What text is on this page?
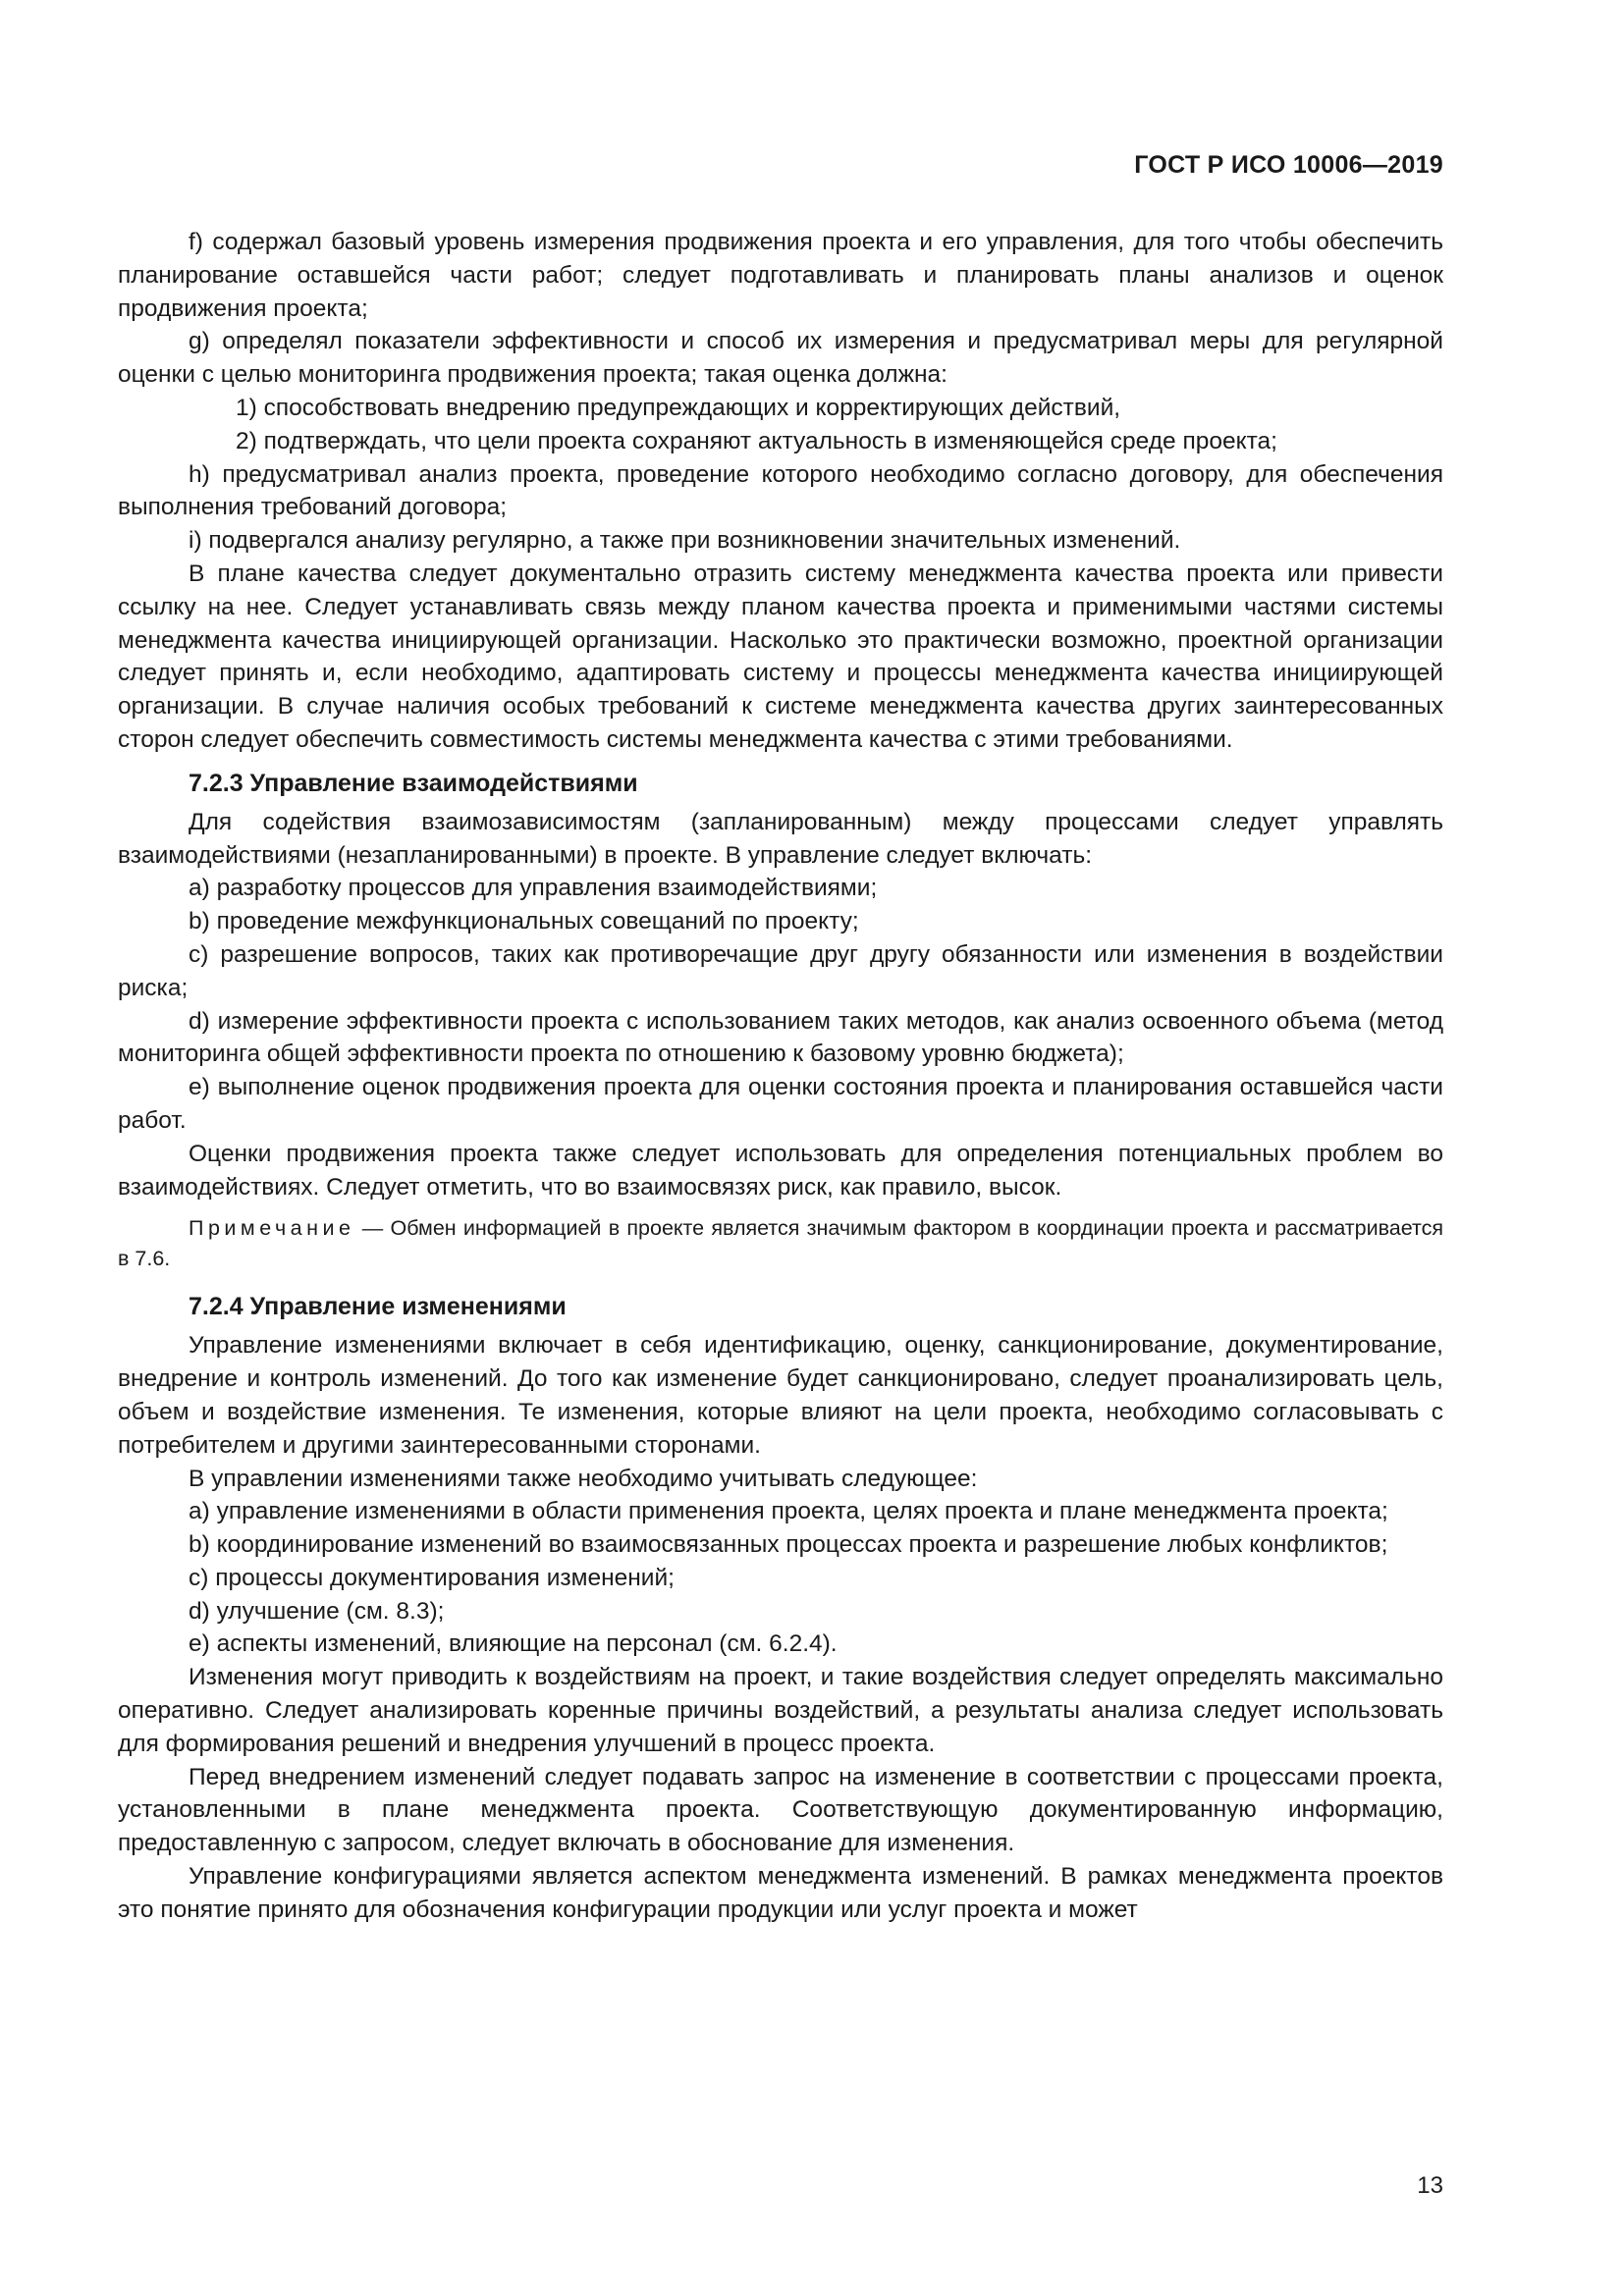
ГОСТ Р ИСО 10006—2019

f) содержал базовый уровень измерения продвижения проекта и его управления, для того чтобы обеспечить планирование оставшейся части работ; следует подготавливать и планировать планы анализов и оценок продвижения проекта;

g) определял показатели эффективности и способ их измерения и предусматривал меры для регулярной оценки с целью мониторинга продвижения проекта; такая оценка должна:

1) способствовать внедрению предупреждающих и корректирующих действий,

2) подтверждать, что цели проекта сохраняют актуальность в изменяющейся среде проекта;

h) предусматривал анализ проекта, проведение которого необходимо согласно договору, для обеспечения выполнения требований договора;

i) подвергался анализу регулярно, а также при возникновении значительных изменений.

В плане качества следует документально отразить систему менеджмента качества проекта или привести ссылку на нее. Следует устанавливать связь между планом качества проекта и применимыми частями системы менеджмента качества инициирующей организации. Насколько это практически возможно, проектной организации следует принять и, если необходимо, адаптировать систему и процессы менеджмента качества инициирующей организации. В случае наличия особых требований к системе менеджмента качества других заинтересованных сторон следует обеспечить совместимость системы менеджмента качества с этими требованиями.

7.2.3 Управление взаимодействиями

Для содействия взаимозависимостям (запланированным) между процессами следует управлять взаимодействиями (незапланированными) в проекте. В управление следует включать:

a) разработку процессов для управления взаимодействиями;

b) проведение межфункциональных совещаний по проекту;

c) разрешение вопросов, таких как противоречащие друг другу обязанности или изменения в воздействии риска;

d) измерение эффективности проекта с использованием таких методов, как анализ освоенного объема (метод мониторинга общей эффективности проекта по отношению к базовому уровню бюджета);

e) выполнение оценок продвижения проекта для оценки состояния проекта и планирования оставшейся части работ.

Оценки продвижения проекта также следует использовать для определения потенциальных проблем во взаимодействиях. Следует отметить, что во взаимосвязях риск, как правило, высок.

Примечание — Обмен информацией в проекте является значимым фактором в координации проекта и рассматривается в 7.6.

7.2.4 Управление изменениями

Управление изменениями включает в себя идентификацию, оценку, санкционирование, документирование, внедрение и контроль изменений. До того как изменение будет санкционировано, следует проанализировать цель, объем и воздействие изменения. Те изменения, которые влияют на цели проекта, необходимо согласовывать с потребителем и другими заинтересованными сторонами.

В управлении изменениями также необходимо учитывать следующее:

a) управление изменениями в области применения проекта, целях проекта и плане менеджмента проекта;

b) координирование изменений во взаимосвязанных процессах проекта и разрешение любых конфликтов;

c) процессы документирования изменений;

d) улучшение (см. 8.3);

e) аспекты изменений, влияющие на персонал (см. 6.2.4).

Изменения могут приводить к воздействиям на проект, и такие воздействия следует определять максимально оперативно. Следует анализировать коренные причины воздействий, а результаты анализа следует использовать для формирования решений и внедрения улучшений в процесс проекта.

Перед внедрением изменений следует подавать запрос на изменение в соответствии с процессами проекта, установленными в плане менеджмента проекта. Соответствующую документированную информацию, предоставленную с запросом, следует включать в обоснование для изменения.

Управление конфигурациями является аспектом менеджмента изменений. В рамках менеджмента проектов это понятие принято для обозначения конфигурации продукции или услуг проекта и может

13
